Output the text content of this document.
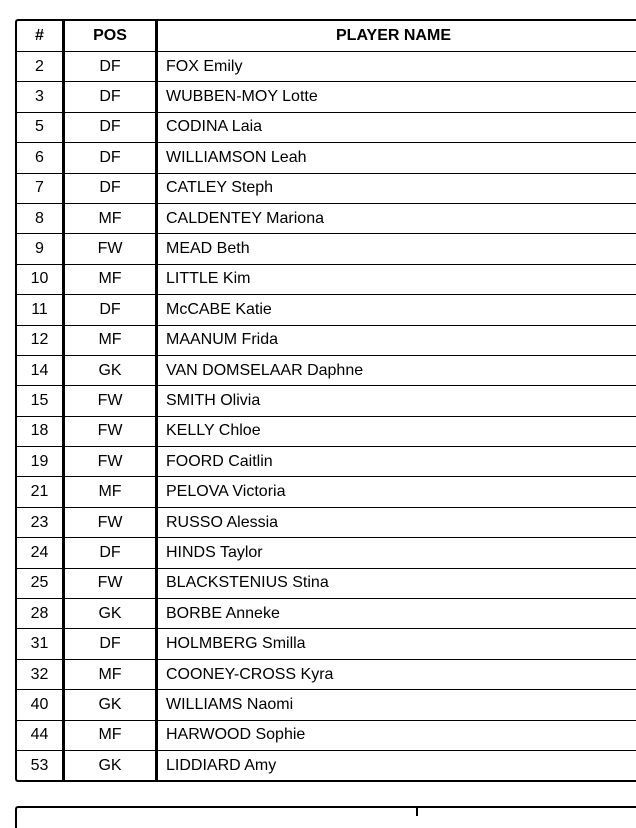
#	POS	PLAYER NAME
2	DF	FOX Emily
3	DF	WUBBEN-MOY Lotte
5	DF	CODINA Laia
6	DF	WILLIAMSON Leah
7	DF	CATLEY Steph
8	MF	CALDENTEY Mariona
9	FW	MEAD Beth
10	MF	LITTLE Kim
11	DF	McCABE Katie
12	MF	MAANUM Frida
14	GK	VAN DOMSELAAR Daphne
15	FW	SMITH Olivia
18	FW	KELLY Chloe
19	FW	FOORD Caitlin
21	MF	PELOVA Victoria
23	FW	RUSSO Alessia
24	DF	HINDS Taylor
25	FW	BLACKSTENIUS Stina
28	GK	BORBE Anneke
31	DF	HOLMBERG Smilla
32	MF	COONEY-CROSS Kyra
40	GK	WILLIAMS Naomi
44	MF	HARWOOD Sophie
53	GK	LIDDIARD Amy
